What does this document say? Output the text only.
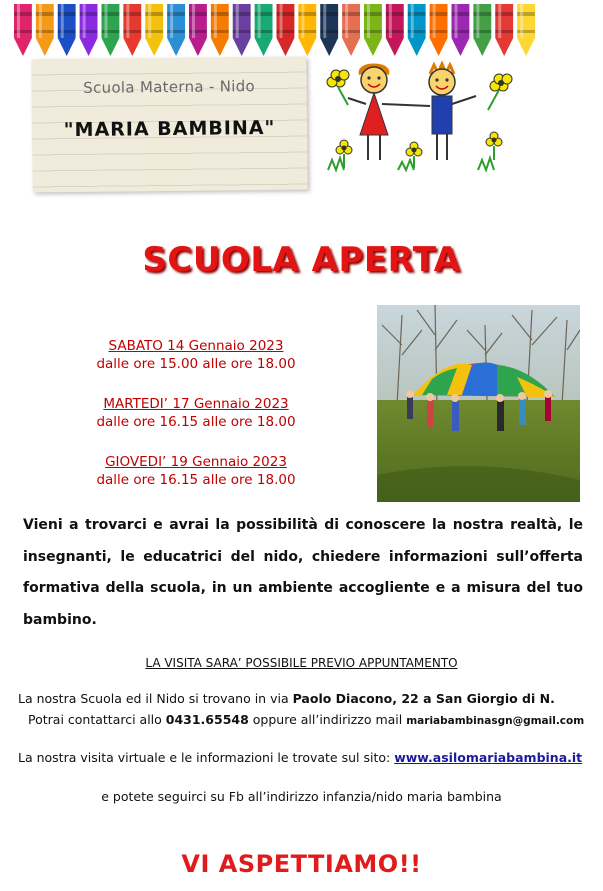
Scuola Materna - Nido
"MARIA BAMBINA"
SCUOLA APERTA
SABATO 14 Gennaio 2023
dalle ore 15.00 alle ore 18.00
MARTEDI’ 17 Gennaio 2023
dalle ore 16.15 alle ore 18.00
GIOVEDI’ 19 Gennaio 2023
dalle ore 16.15 alle ore 18.00
Vieni a trovarci e avrai la possibilità di conoscere la nostra realtà, le insegnanti, le educatrici del nido, chiedere informazioni sull’offerta formativa della scuola, in un ambiente accogliente e a misura del tuo bambino.
LA VISITA SARA’ POSSIBILE PREVIO APPUNTAMENTO
La nostra Scuola ed il Nido si trovano in via Paolo Diacono, 22 a San Giorgio di N.
Potrai contattarci allo 0431.65548 oppure all’indirizzo mail mariabambinasgn@gmail.com
La nostra visita virtuale e le informazioni le trovate sul sito: www.asilomariabambina.it
e potete seguirci su Fb all’indirizzo infanzia/nido maria bambina
VI ASPETTIAMO!!
